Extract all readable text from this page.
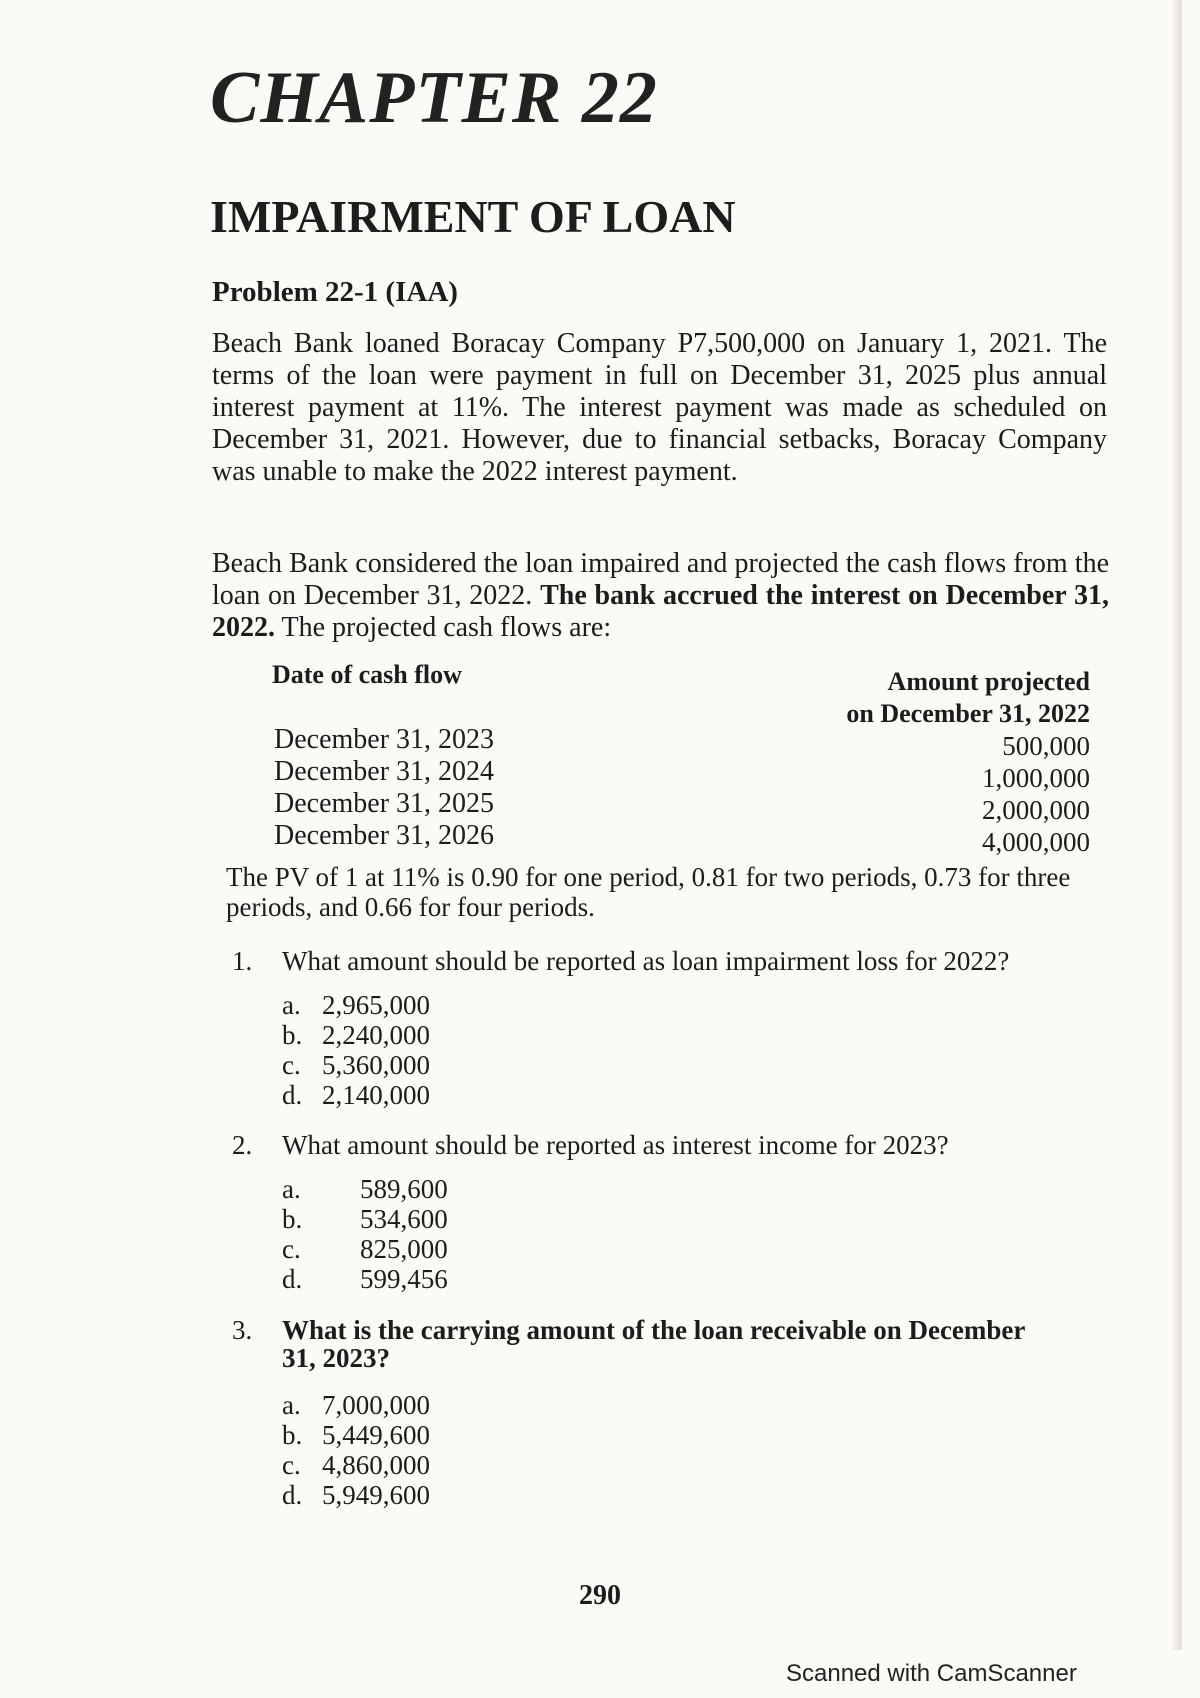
CHAPTER 22
IMPAIRMENT OF LOAN
Problem 22-1 (IAA)
Beach Bank loaned Boracay Company P7,500,000 on January 1, 2021. The terms of the loan were payment in full on December 31, 2025 plus annual interest payment at 11%. The interest payment was made as scheduled on December 31, 2021. However, due to financial setbacks, Boracay Company was unable to make the 2022 interest payment.
Beach Bank considered the loan impaired and projected the cash flows from the loan on December 31, 2022. The bank accrued the interest on December 31, 2022. The projected cash flows are:
Date of cash flow	Amount projected
on December 31, 2022
December 31, 2023
December 31, 2024
December 31, 2025
December 31, 2026
500,000
1,000,000
2,000,000
4,000,000
The PV of 1 at 11% is 0.90 for one period, 0.81 for two periods, 0.73 for three periods, and 0.66 for four periods.
1. What amount should be reported as loan impairment loss for 2022?
a. 2,965,000
b. 2,240,000
c. 5,360,000
d. 2,140,000
2. What amount should be reported as interest income for 2023?
a. 589,600
b. 534,600
c. 825,000
d. 599,456
3. What is the carrying amount of the loan receivable on December
31, 2023?
a. 7,000,000
b. 5,449,600
c. 4,860,000
d. 5,949,600
290
Scanned with CamScanner
